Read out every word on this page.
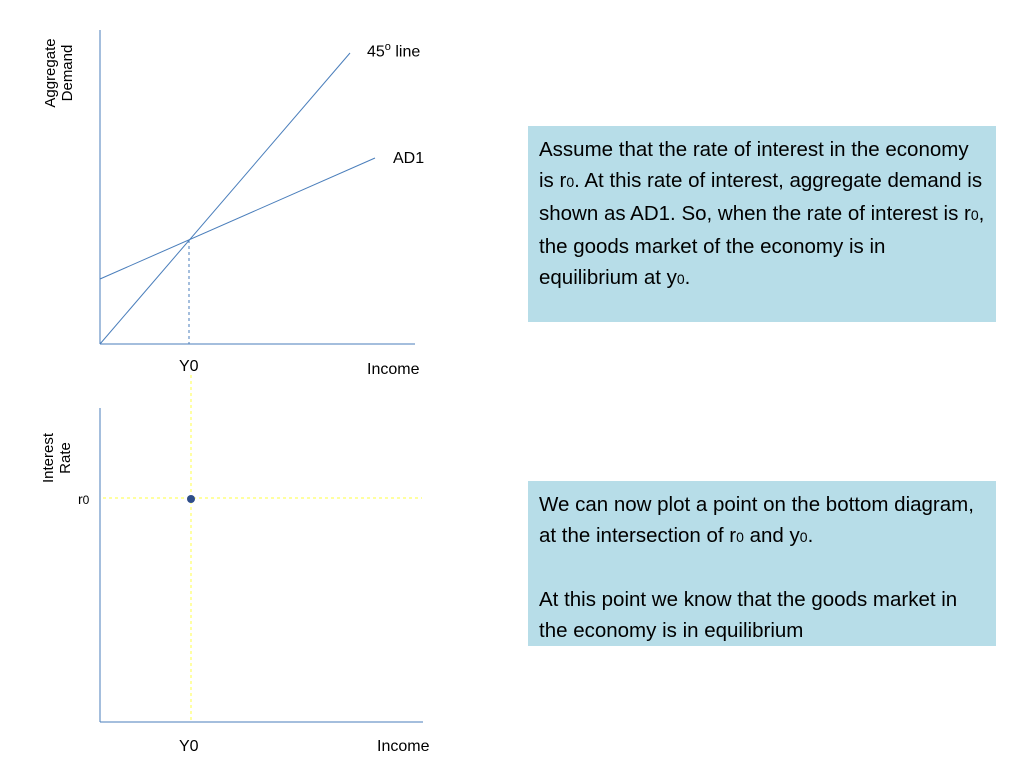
Aggregate Demand	45$^o$ line
AD1
Y0	Income
Interest Rate
r0
Y0	Income

Assume that the rate of interest in the economy is r0. At this rate of interest, aggregate demand is shown as AD1. So, when the rate of interest is r0, the goods market of the economy is in equilibrium at y0.

We can now plot a point on the bottom diagram, at the intersection of r0 and y0.

At this point we know that the goods market in the economy is in equilibrium
